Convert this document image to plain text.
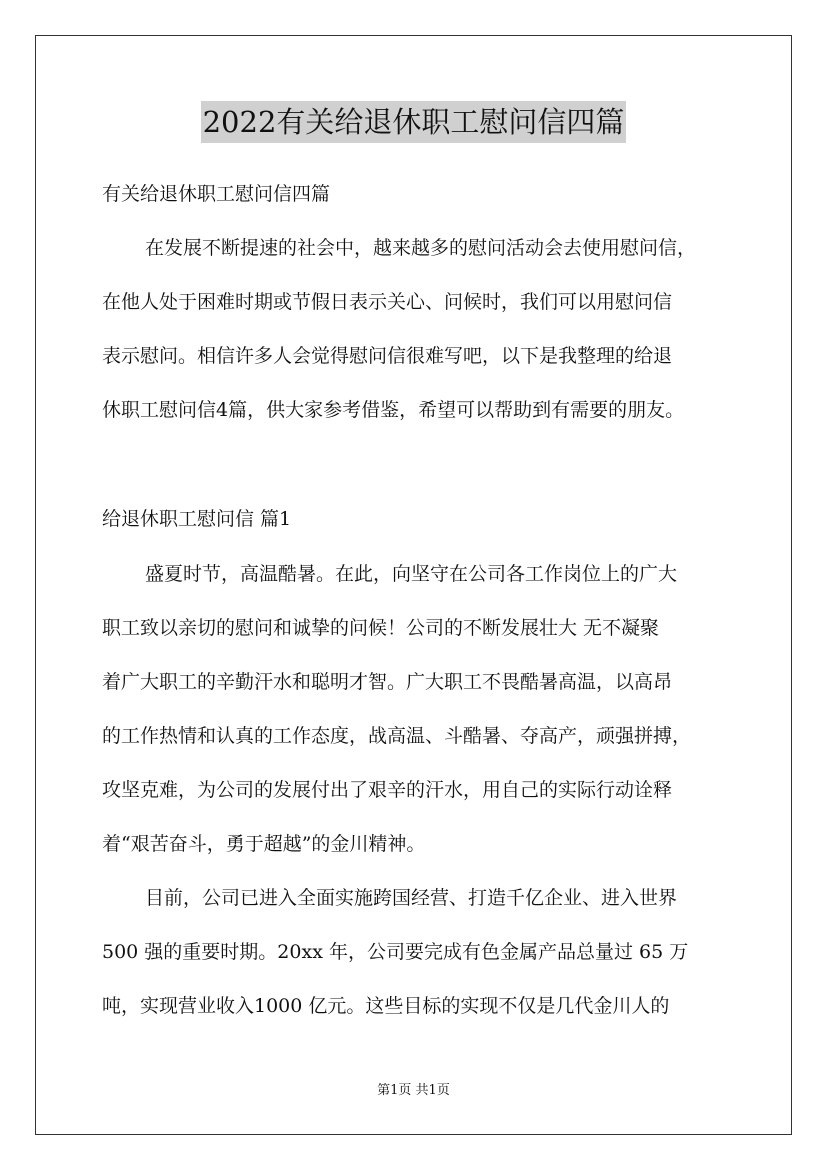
2022有关给退休职工慰问信四篇
有关给退休职工慰问信四篇
在发展不断提速的社会中，越来越多的慰问活动会去使用慰问信，
在他人处于困难时期或节假日表示关心、问候时，我们可以用慰问信
表示慰问。相信许多人会觉得慰问信很难写吧，以下是我整理的给退
休职工慰问信4篇，供大家参考借鉴，希望可以帮助到有需要的朋友。
给退休职工慰问信 篇1
盛夏时节，高温酷暑。在此，向坚守在公司各工作岗位上的广大
职工致以亲切的慰问和诚挚的问候！公司的不断发展壮大 无不凝聚
着广大职工的辛勤汗水和聪明才智。广大职工不畏酷暑高温，以高昂
的工作热情和认真的工作态度，战高温、斗酷暑、夺高产，顽强拼搏，
攻坚克难，为公司的发展付出了艰辛的汗水，用自己的实际行动诠释
着“艰苦奋斗，勇于超越”的金川精神。
目前，公司已进入全面实施跨国经营、打造千亿企业、进入世界
500 强的重要时期。20xx 年，公司要完成有色金属产品总量过 65 万
吨，实现营业收入1000 亿元。这些目标的实现不仅是几代金川人的
第1页 共1页
